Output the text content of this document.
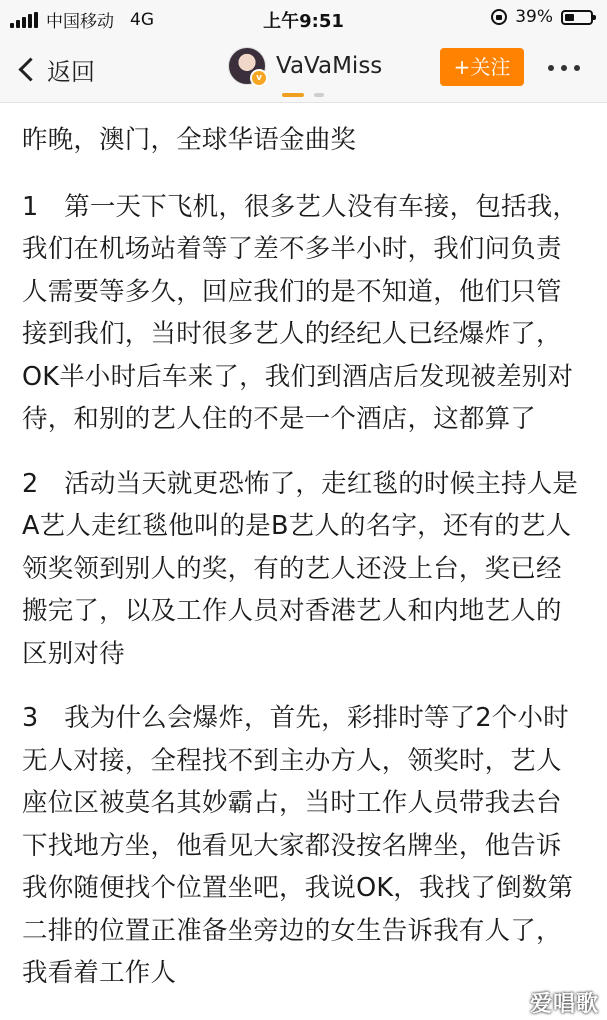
中国移动 4G	上午9:51	39%
返回	v VaVaMiss	+关注

昨晚，澳门，全球华语金曲奖

1　第一天下飞机，很多艺人没有车接，包括我，我们在机场站着等了差不多半小时，我们问负责人需要等多久，回应我们的是不知道，他们只管接到我们，当时很多艺人的经纪人已经爆炸了，OK半小时后车来了，我们到酒店后发现被差别对待，和别的艺人住的不是一个酒店，这都算了

2　活动当天就更恐怖了，走红毯的时候主持人是A艺人走红毯他叫的是B艺人的名字，还有的艺人领奖领到别人的奖，有的艺人还没上台，奖已经搬完了，以及工作人员对香港艺人和内地艺人的区别对待

3　我为什么会爆炸，首先，彩排时等了2个小时无人对接，全程找不到主办方人，领奖时，艺人座位区被莫名其妙霸占，当时工作人员带我去台下找地方坐，他看见大家都没按名牌坐，他告诉我你随便找个位置坐吧，我说OK，我找了倒数第二排的位置正准备坐旁边的女生告诉我有人了，我看着工作人

爱唱歌
